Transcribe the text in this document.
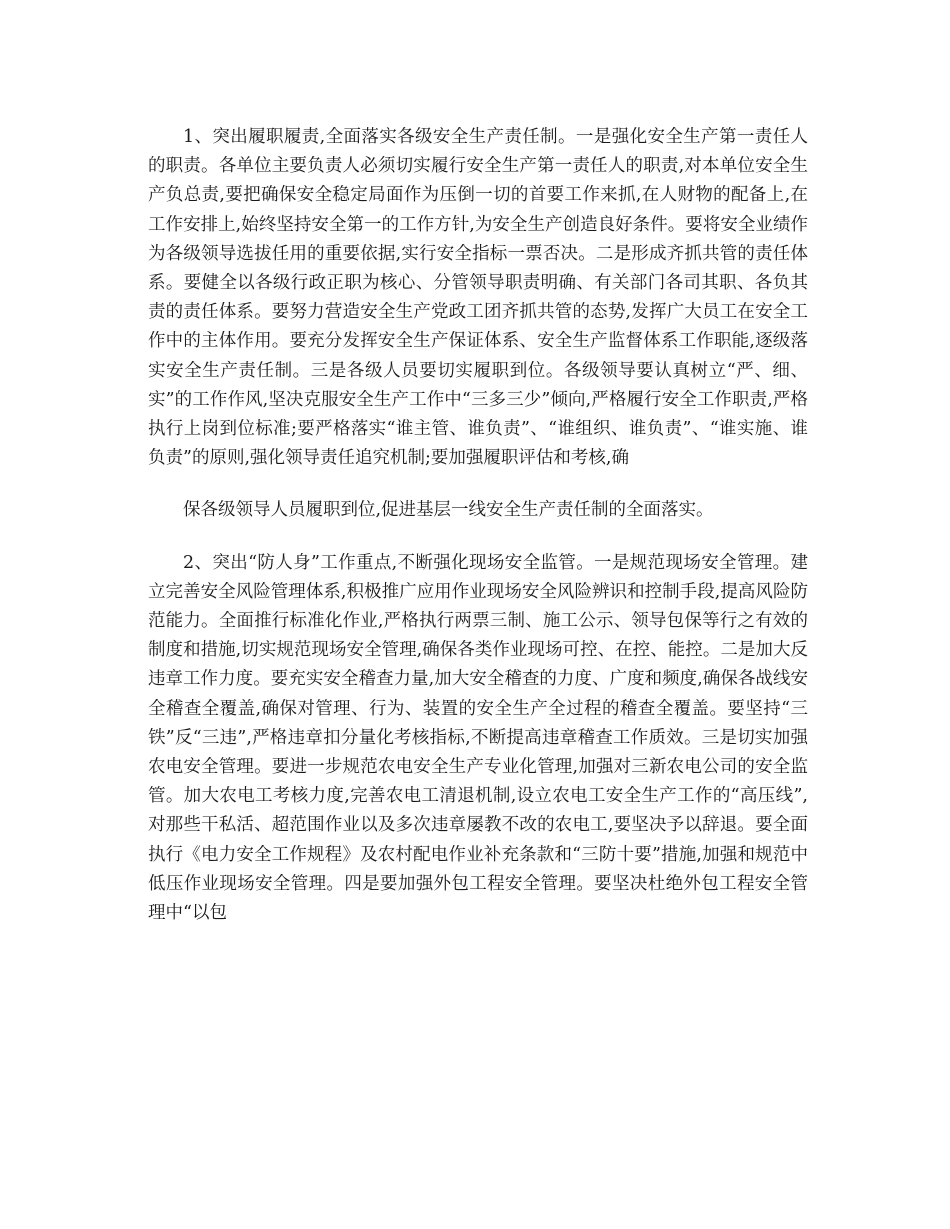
1、突出履职履责,全面落实各级安全生产责任制。一是强化安全生产第一责任人的职责。各单位主要负责人必须切实履行安全生产第一责任人的职责,对本单位安全生产负总责,要把确保安全稳定局面作为压倒一切的首要工作来抓,在人财物的配备上,在工作安排上,始终坚持安全第一的工作方针,为安全生产创造良好条件。要将安全业绩作为各级领导选拔任用的重要依据,实行安全指标一票否决。二是形成齐抓共管的责任体系。要健全以各级行政正职为核心、分管领导职责明确、有关部门各司其职、各负其责的责任体系。要努力营造安全生产党政工团齐抓共管的态势,发挥广大员工在安全工作中的主体作用。要充分发挥安全生产保证体系、安全生产监督体系工作职能,逐级落实安全生产责任制。三是各级人员要切实履职到位。各级领导要认真树立“严、细、实”的工作作风,坚决克服安全生产工作中“三多三少”倾向,严格履行安全工作职责,严格执行上岗到位标准;要严格落实“谁主管、谁负责”、“谁组织、谁负责”、“谁实施、谁负责”的原则,强化领导责任追究机制;要加强履职评估和考核,确

保各级领导人员履职到位,促进基层一线安全生产责任制的全面落实。

2、突出“防人身”工作重点,不断强化现场安全监管。一是规范现场安全管理。建立完善安全风险管理体系,积极推广应用作业现场安全风险辨识和控制手段,提高风险防范能力。全面推行标准化作业,严格执行两票三制、施工公示、领导包保等行之有效的制度和措施,切实规范现场安全管理,确保各类作业现场可控、在控、能控。二是加大反违章工作力度。要充实安全稽查力量,加大安全稽查的力度、广度和频度,确保各战线安全稽查全覆盖,确保对管理、行为、装置的安全生产全过程的稽查全覆盖。要坚持“三铁”反“三违”,严格违章扣分量化考核指标,不断提高违章稽查工作质效。三是切实加强农电安全管理。要进一步规范农电安全生产专业化管理,加强对三新农电公司的安全监管。加大农电工考核力度,完善农电工清退机制,设立农电工安全生产工作的“高压线”,对那些干私活、超范围作业以及多次违章屡教不改的农电工,要坚决予以辞退。要全面执行《电力安全工作规程》及农村配电作业补充条款和“三防十要”措施,加强和规范中低压作业现场安全管理。四是要加强外包工程安全管理。要坚决杜绝外包工程安全管理中“以包
